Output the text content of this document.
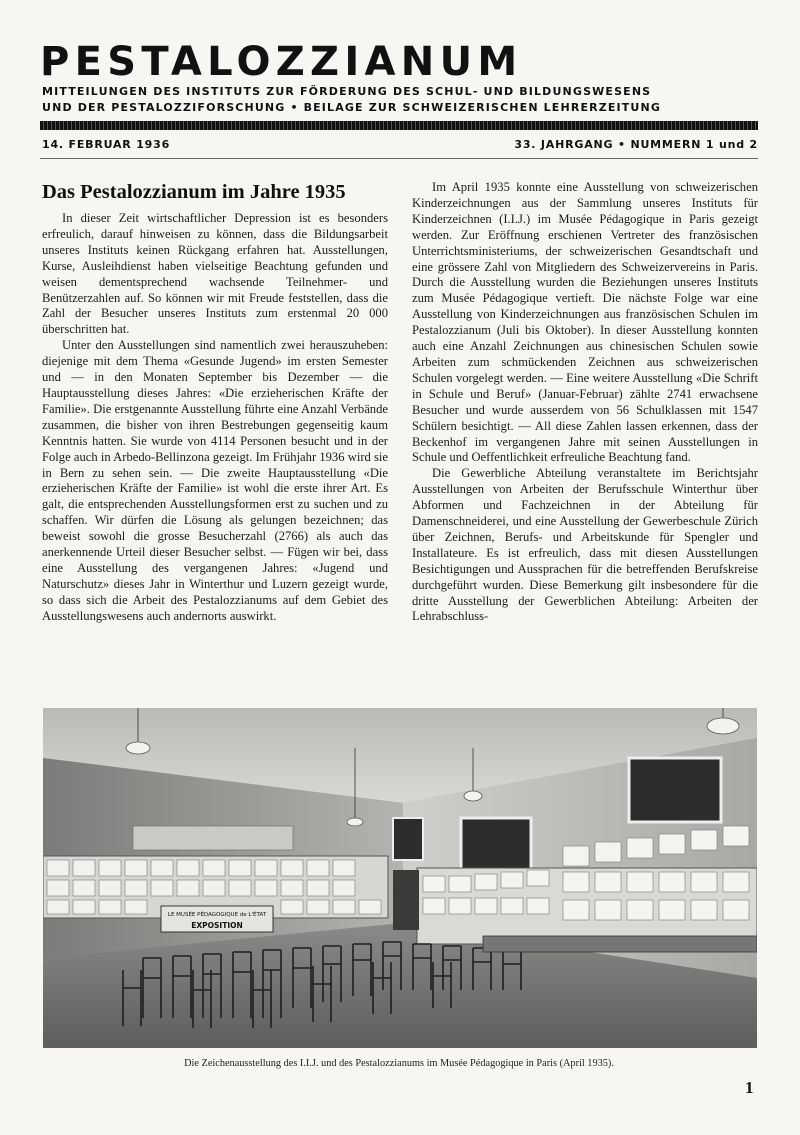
PESTALOZZIANUM
MITTEILUNGEN DES INSTITUTS ZUR FÖRDERUNG DES SCHUL- UND BILDUNGSWESENS
UND DER PESTALOZZIFORSCHUNG • BEILAGE ZUR SCHWEIZERISCHEN LEHRERZEITUNG
14. FEBRUAR 1936	33. JAHRGANG • NUMMERN 1 und 2
Das Pestalozzianum im Jahre 1935

In dieser Zeit wirtschaftlicher Depression ist es besonders erfreulich, darauf hinweisen zu können, dass die Bildungsarbeit unseres Instituts keinen Rückgang erfahren hat. Ausstellungen, Kurse, Ausleihdienst haben vielseitige Beachtung gefunden und weisen dementsprechend wachsende Teilnehmer- und Benützerzahlen auf. So können wir mit Freude feststellen, dass die Zahl der Besucher unseres Instituts zum erstenmal 20 000 überschritten hat.

Unter den Ausstellungen sind namentlich zwei herauszuheben: diejenige mit dem Thema «Gesunde Jugend» im ersten Semester und — in den Monaten September bis Dezember — die Hauptausstellung dieses Jahres: «Die erzieherischen Kräfte der Familie». Die erstgenannte Ausstellung führte eine Anzahl Verbände zusammen, die bisher von ihren Bestrebungen gegenseitig kaum Kenntnis hatten. Sie wurde von 4114 Personen besucht und in der Folge auch in Arbedo-Bellinzona gezeigt. Im Frühjahr 1936 wird sie in Bern zu sehen sein. — Die zweite Hauptausstellung «Die erzieherischen Kräfte der Familie» ist wohl die erste ihrer Art. Es galt, die entsprechenden Ausstellungsformen erst zu suchen und zu schaffen. Wir dürfen die Lösung als gelungen bezeichnen; das beweist sowohl die grosse Besucherzahl (2766) als auch das anerkennende Urteil dieser Besucher selbst. — Fügen wir bei, dass eine Ausstellung des vergangenen Jahres: «Jugend und Naturschutz» dieses Jahr in Winterthur und Luzern gezeigt wurde, so dass sich die Arbeit des Pestalozzianums auf dem Gebiet des Ausstellungswesens auch andernorts auswirkt.

Im April 1935 konnte eine Ausstellung von schweizerischen Kinderzeichnungen aus der Sammlung unseres Instituts für Kinderzeichnen (I.I.J.) im Musée Pédagogique in Paris gezeigt werden. Zur Eröffnung erschienen Vertreter des französischen Unterrichtsministeriums, der schweizerischen Gesandtschaft und eine grössere Zahl von Mitgliedern des Schweizervereins in Paris. Durch die Ausstellung wurden die Beziehungen unseres Instituts zum Musée Pédagogique vertieft. Die nächste Folge war eine Ausstellung von Kinderzeichnungen aus französischen Schulen im Pestalozzianum (Juli bis Oktober). In dieser Ausstellung konnten auch eine Anzahl Zeichnungen aus chinesischen Schulen sowie Arbeiten zum schmückenden Zeichnen aus schweizerischen Schulen vorgelegt werden. — Eine weitere Ausstellung «Die Schrift in Schule und Beruf» (Januar-Februar) zählte 2741 erwachsene Besucher und wurde ausserdem von 56 Schulklassen mit 1547 Schülern besichtigt. — All diese Zahlen lassen erkennen, dass der Beckenhof im vergangenen Jahre mit seinen Ausstellungen in Schule und Oeffentlichkeit erfreuliche Beachtung fand.

Die Gewerbliche Abteilung veranstaltete im Berichtsjahr Ausstellungen von Arbeiten der Berufsschule Winterthur über Abformen und Fachzeichnen in der Abteilung für Damenschneiderei, und eine Ausstellung der Gewerbeschule Zürich über Zeichnen, Berufs- und Arbeitskunde für Spengler und Installateure. Es ist erfreulich, dass mit diesen Ausstellungen Besichtigungen und Aussprachen für die betreffenden Berufskreise durchgeführt wurden. Diese Bemerkung gilt insbesondere für die dritte Ausstellung der Gewerblichen Abteilung: Arbeiten der Lehrabschluss-

LE MUSÉE PÉDAGOGIQUE de L'ÉTAT
EXPOSITION
Die Zeichenausstellung des I.I.J. und des Pestalozzianums im Musée Pédagogique in Paris (April 1935).
1
